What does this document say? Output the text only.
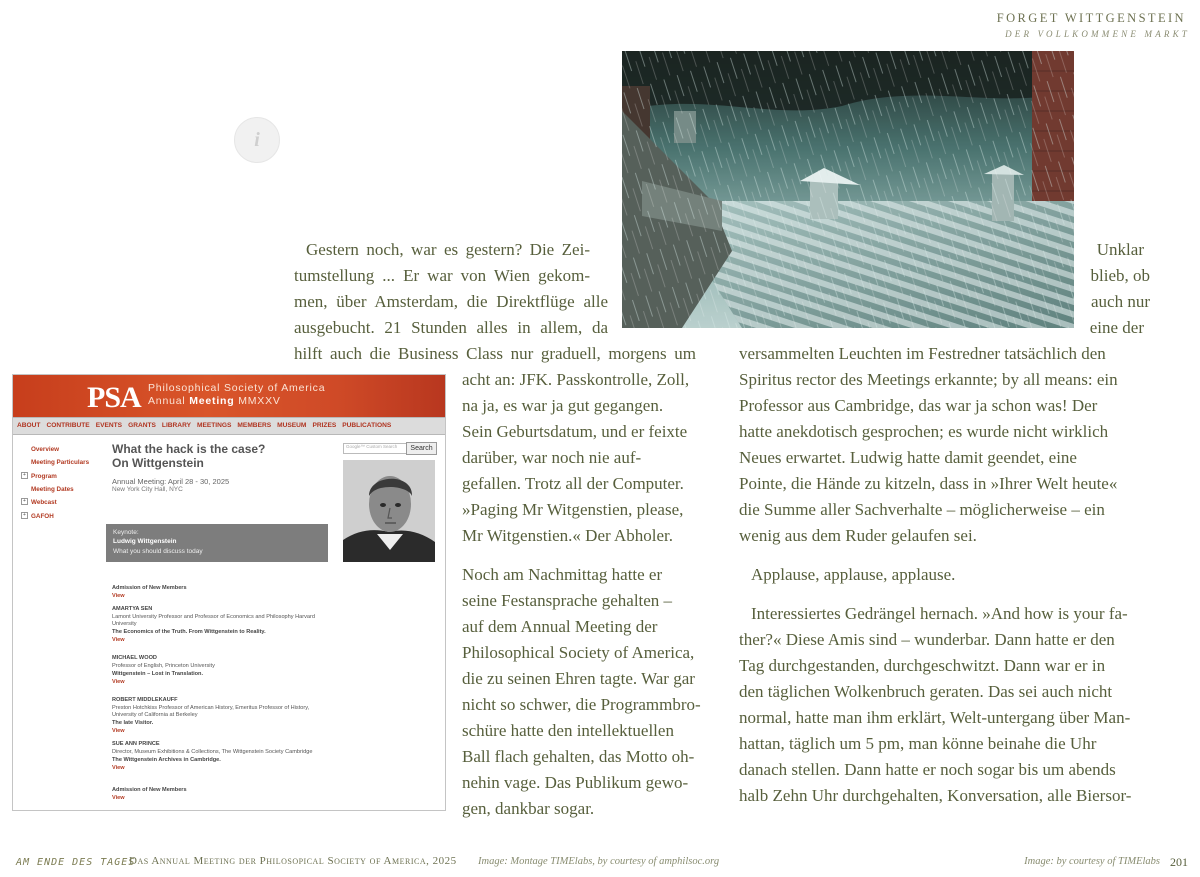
FORGET WITTGENSTEIN
DER VOLLKOMMENE MARKT
i
Gestern noch, war es gestern? Die Zei-
tumstellung ... Er war von Wien gekom-
men, über Amsterdam, die Direktflüge alle
ausgebucht. 21 Stunden alles in allem, da
hilft auch die Business Class nur graduell, morgens um
Unklar
blieb, ob
auch nur
eine der
acht an: JFK. Passkontrolle, Zoll,
na ja, es war ja gut gegangen.
Sein Geburtsdatum, und er feixte
darüber, war noch nie auf-
gefallen. Trotz all der Computer.
»Paging Mr Witgenstien, please,
Mr Witgenstien.« Der Abholer.
Noch am Nachmittag hatte er
seine Festansprache gehalten –
auf dem Annual Meeting der
Philosophical Society of America,
die zu seinen Ehren tagte. War gar
nicht so schwer, die Programmbro-
schüre hatte den intellektuellen
Ball flach gehalten, das Motto oh-
nehin vage. Das Publikum gewo-
gen, dankbar sogar.
versammelten Leuchten im Festredner tatsächlich den
Spiritus rector des Meetings erkannte; by all means: ein
Professor aus Cambridge, das war ja schon was! Der
hatte anekdotisch gesprochen; es wurde nicht wirklich
Neues erwartet. Ludwig hatte damit geendet, eine
Pointe, die Hände zu kitzeln, dass in »Ihrer Welt heute«
die Summe aller Sachverhalte – möglicherweise – ein
wenig aus dem Ruder gelaufen sei.
Applause, applause, applause.
Interessiertes Gedrängel hernach. »And how is your fa-
ther?« Diese Amis sind – wunderbar. Dann hatte er den
Tag durchgestanden, durchgeschwitzt. Dann war er in
den täglichen Wolkenbruch geraten. Das sei auch nicht
normal, hatte man ihm erklärt, Welt-untergang über Man-
hattan, täglich um 5 pm, man könne beinahe die Uhr
danach stellen. Dann hatte er noch sogar bis um abends
halb Zehn Uhr durchgehalten, Konversation, alle Biersor-
PSA Philosophical Society of America
Annual Meeting MMXXV
ABOUT CONTRIBUTE EVENTS GRANTS LIBRARY MEETINGS MEMBERS MUSEUM PRIZES PUBLICATIONS
Overview
Meeting Particulars
+ Program
Meeting Dates
+ Webcast
+ GAFOH
What the hack is the case?
On Wittgenstein
Annual Meeting: April 28 - 30, 2025
New York City Hall, NYC
Google™ Custom Search	Search
Keynote:
Ludwig Wittgenstein
What you should discuss today
Admission of New Members
View
AMARTYA SEN
Lamont University Professor and Professor of Economics and Philosophy Harvard
University
The Economics of the Truth. From Wittgenstein to Reality.
View
MICHAEL WOOD
Professor of English, Princeton University
Wittgenstein – Lost in Translation.
View
ROBERT MIDDLEKAUFF
Preston Hotchkiss Professor of American History, Emeritus Professor of History,
University of California at Berkeley
The late Visitor.
View
SUE ANN PRINCE
Director, Museum Exhibitions & Collections, The Wittgenstein Society Cambridge
The Wittgenstein Archives in Cambridge.
View
Admission of New Members
View
AM ENDE DES TAGES
Das Annual Meeting der Philosopical Society of America, 2025 Image: Montage TIMElabs, by courtesy of amphilsoc.org	Image: by courtesy of TIMElabs 201
